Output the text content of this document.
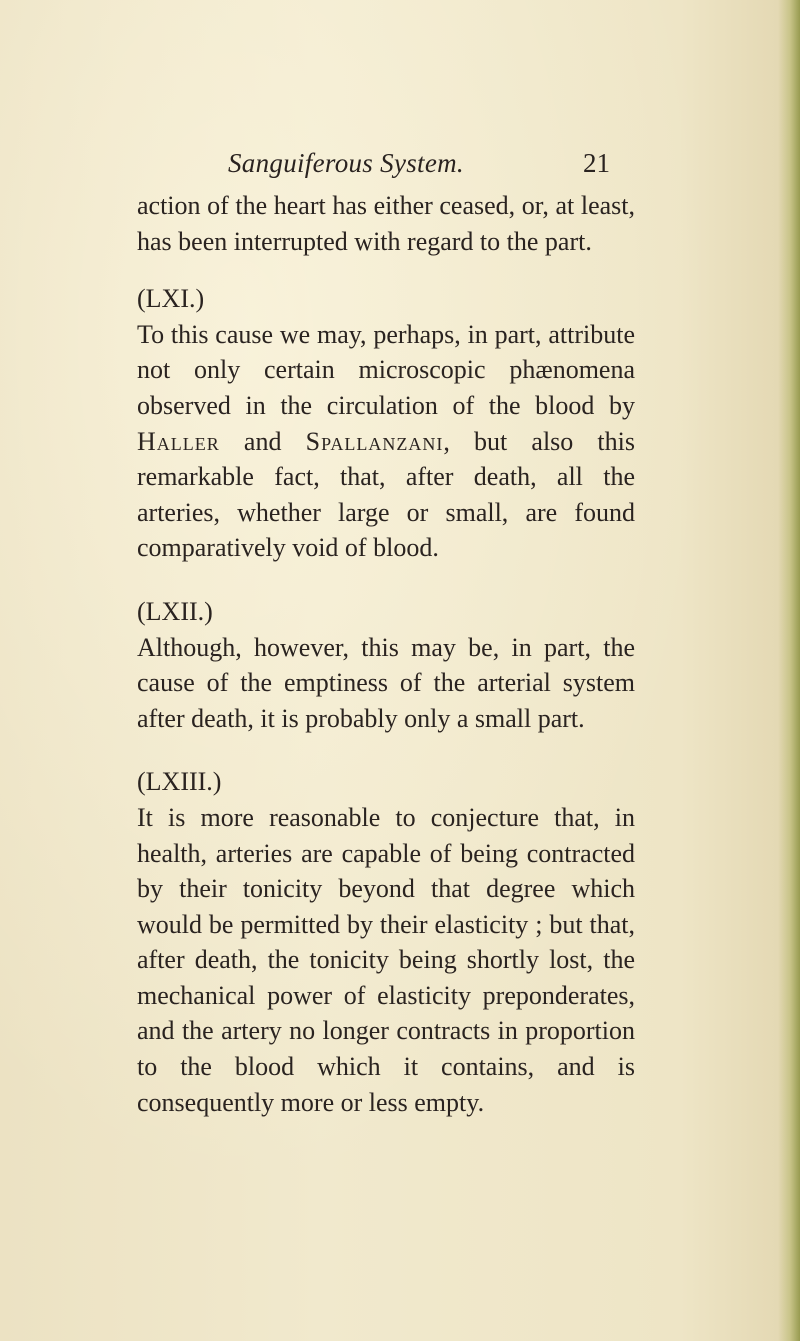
Sanguiferous System.	21

action of the heart has either ceased, or, at least, has been interrupted with regard to the part.

(LXI.)

To this cause we may, perhaps, in part, attribute not only certain microscopic phænomena observed in the circulation of the blood by Haller and Spallanzani, but also this remarkable fact, that, after death, all the arteries, whether large or small, are found comparatively void of blood.

(LXII.)

Although, however, this may be, in part, the cause of the emptiness of the arterial system after death, it is probably only a small part.

(LXIII.)

It is more reasonable to conjecture that, in health, arteries are capable of being contracted by their tonicity beyond that degree which would be permitted by their elasticity ; but that, after death, the tonicity being shortly lost, the mechanical power of elasticity preponderates, and the artery no longer contracts in proportion to the blood which it contains, and is consequently more or less empty.
